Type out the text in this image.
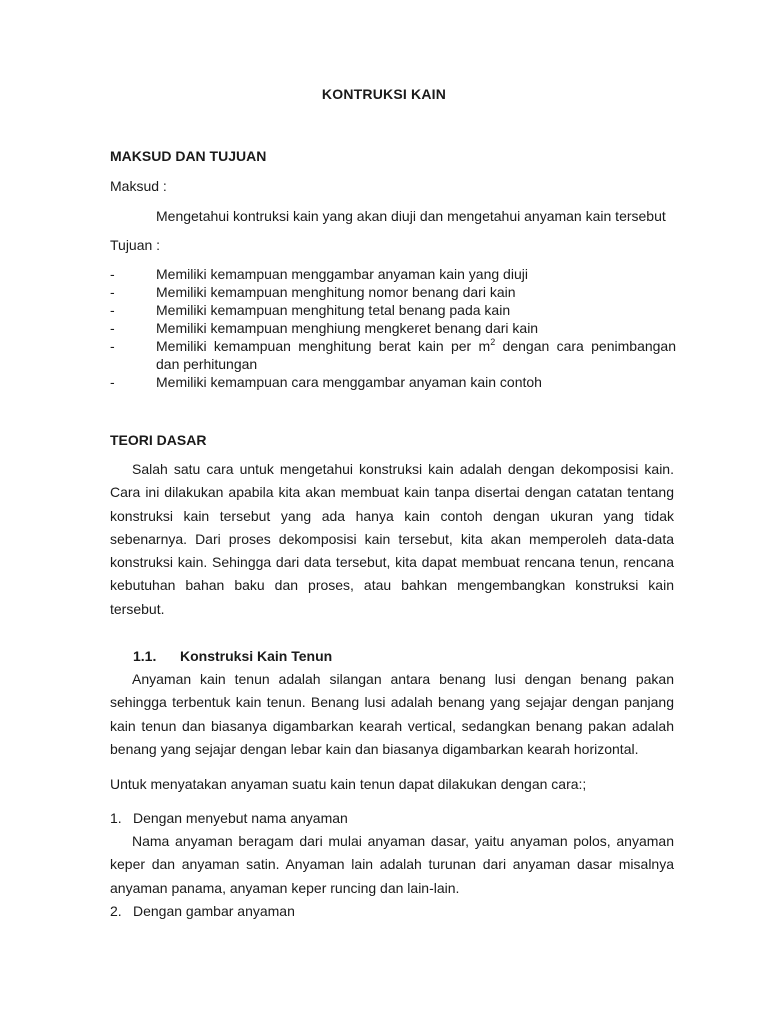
KONTRUKSI KAIN
MAKSUD DAN TUJUAN
Maksud :
Mengetahui kontruksi kain yang akan diuji dan mengetahui anyaman kain tersebut
Tujuan :
-	Memiliki kemampuan menggambar anyaman kain yang diuji
-	Memiliki kemampuan menghitung nomor benang dari kain
-	Memiliki kemampuan menghitung tetal benang pada kain
-	Memiliki kemampuan menghiung mengkeret benang dari kain
-	Memiliki kemampuan menghitung berat kain per $m^2$ dengan cara penimbangan
dan perhitungan
-	Memiliki kemampuan cara menggambar anyaman kain contoh
TEORI DASAR
Salah satu cara untuk mengetahui konstruksi kain adalah dengan dekomposisi kain.
Cara ini dilakukan apabila kita akan membuat kain tanpa disertai dengan catatan tentang
konstruksi kain tersebut yang ada hanya kain contoh dengan ukuran yang tidak
sebenarnya. Dari proses dekomposisi kain tersebut, kita akan memperoleh data-data
konstruksi kain. Sehingga dari data tersebut, kita dapat membuat rencana tenun, rencana
kebutuhan bahan baku dan proses, atau bahkan mengembangkan konstruksi kain
tersebut.
1.1. Konstruksi Kain Tenun
Anyaman kain tenun adalah silangan antara benang lusi dengan benang pakan
sehingga terbentuk kain tenun. Benang lusi adalah benang yang sejajar dengan panjang
kain tenun dan biasanya digambarkan kearah vertical, sedangkan benang pakan adalah
benang yang sejajar dengan lebar kain dan biasanya digambarkan kearah horizontal.
Untuk menyatakan anyaman suatu kain tenun dapat dilakukan dengan cara:;
1. Dengan menyebut nama anyaman
Nama anyaman beragam dari mulai anyaman dasar, yaitu anyaman polos, anyaman
keper dan anyaman satin. Anyaman lain adalah turunan dari anyaman dasar misalnya
anyaman panama, anyaman keper runcing dan lain-lain.
2. Dengan gambar anyaman
